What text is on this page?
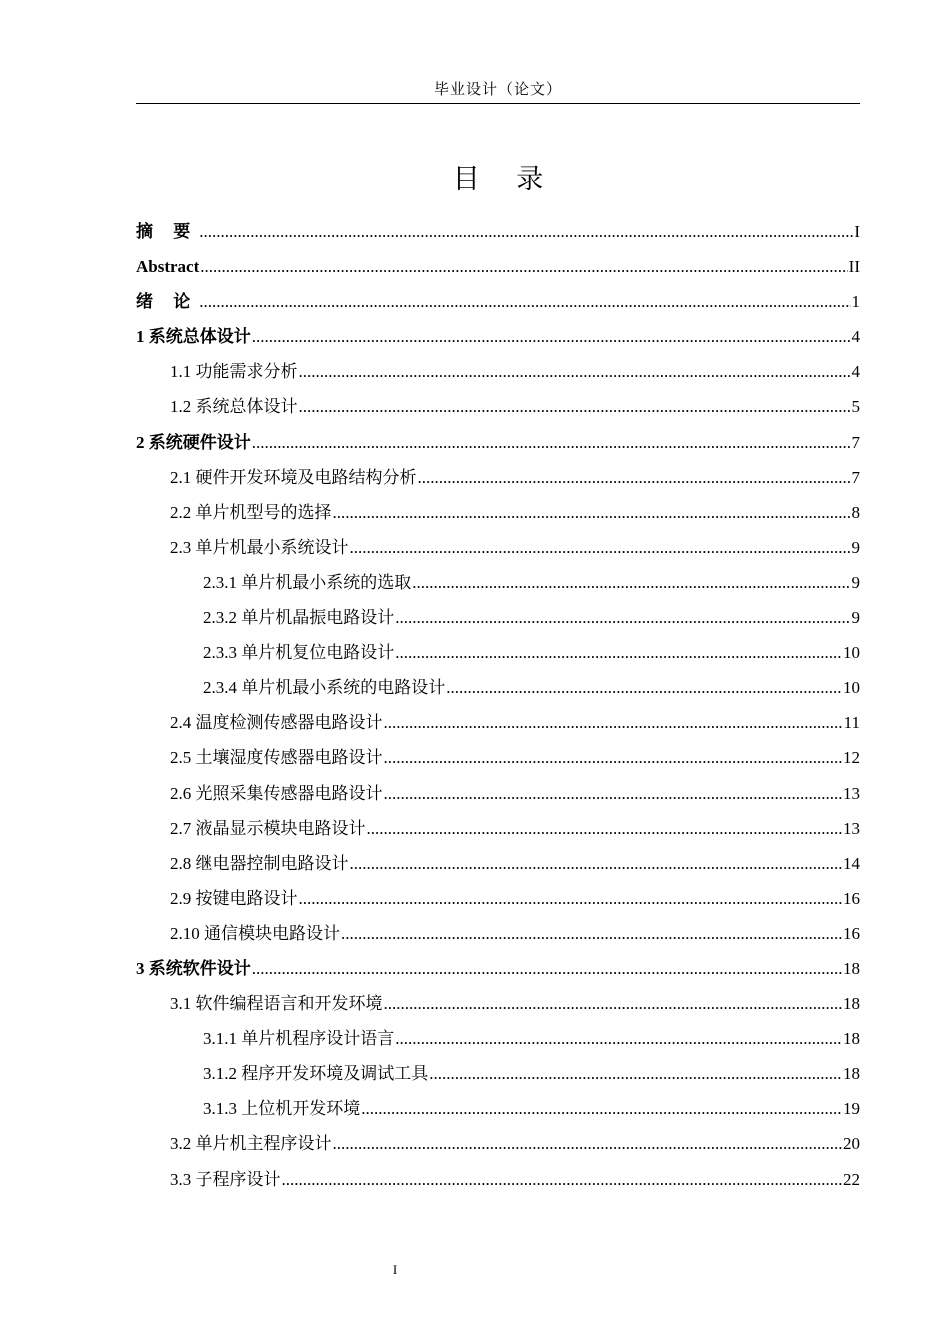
毕业设计（论文）
目 录
摘 要 .....	I
Abstract .....	II
绪 论 .....	1
1 系统总体设计 .....	4
1.1 功能需求分析 .....	4
1.2 系统总体设计 .....	5
2 系统硬件设计 .....	7
2.1 硬件开发环境及电路结构分析 .....	7
2.2 单片机型号的选择 .....	8
2.3 单片机最小系统设计 .....	9
2.3.1 单片机最小系统的选取 .....	9
2.3.2 单片机晶振电路设计 .....	9
2.3.3 单片机复位电路设计 .....	10
2.3.4 单片机最小系统的电路设计 .....	10
2.4 温度检测传感器电路设计 .....	11
2.5 土壤湿度传感器电路设计 .....	12
2.6 光照采集传感器电路设计 .....	13
2.7 液晶显示模块电路设计 .....	13
2.8 继电器控制电路设计 .....	14
2.9 按键电路设计 .....	16
2.10 通信模块电路设计 .....	16
3 系统软件设计 .....	18
3.1 软件编程语言和开发环境 .....	18
3.1.1 单片机程序设计语言 .....	18
3.1.2 程序开发环境及调试工具 .....	18
3.1.3 上位机开发环境 .....	19
3.2 单片机主程序设计 .....	20
3.3 子程序设计 .....	22
I
